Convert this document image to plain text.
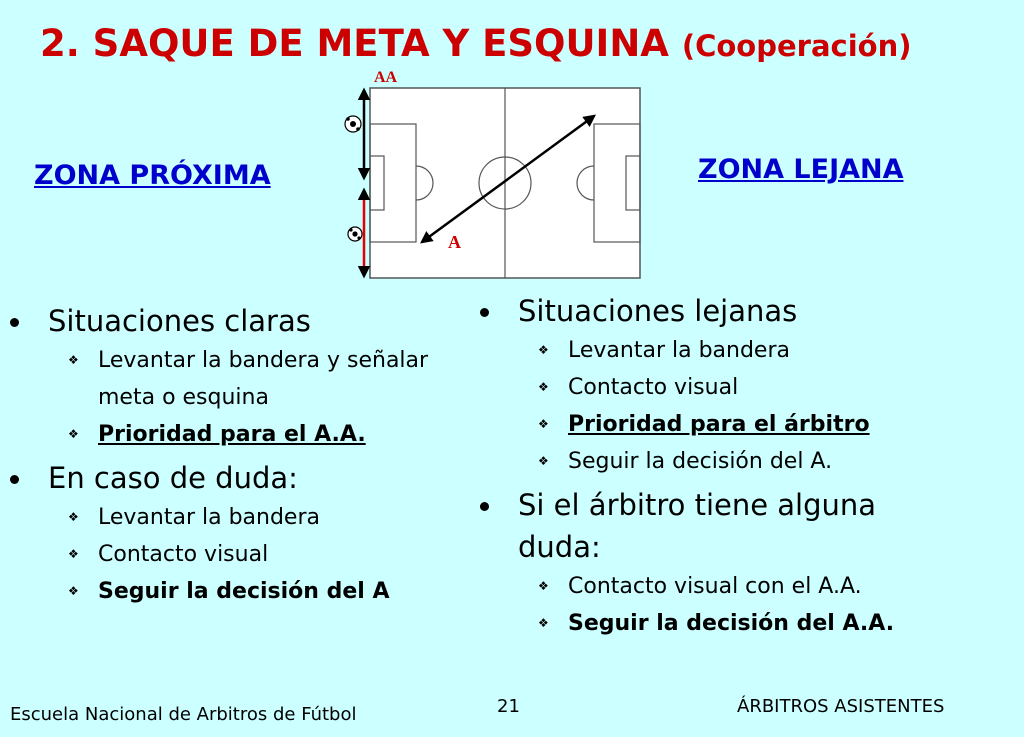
2. SAQUE DE META Y ESQUINA (Cooperación)
ZONA PRÓXIMA	ZONA LEJANA
AA
A
Situaciones claras
❖ Levantar la bandera y señalar meta o esquina
❖ Prioridad para el A.A.
En caso de duda:
❖ Levantar la bandera
❖ Contacto visual
❖ Seguir la decisión del A
Situaciones lejanas
❖ Levantar la bandera
❖ Contacto visual
❖ Prioridad para el árbitro
❖ Seguir la decisión del A.
Si el árbitro tiene alguna duda:
❖ Contacto visual con el A.A.
❖ Seguir la decisión del A.A.
Escuela Nacional de Arbitros de Fútbol	21	ÁRBITROS ASISTENTES
